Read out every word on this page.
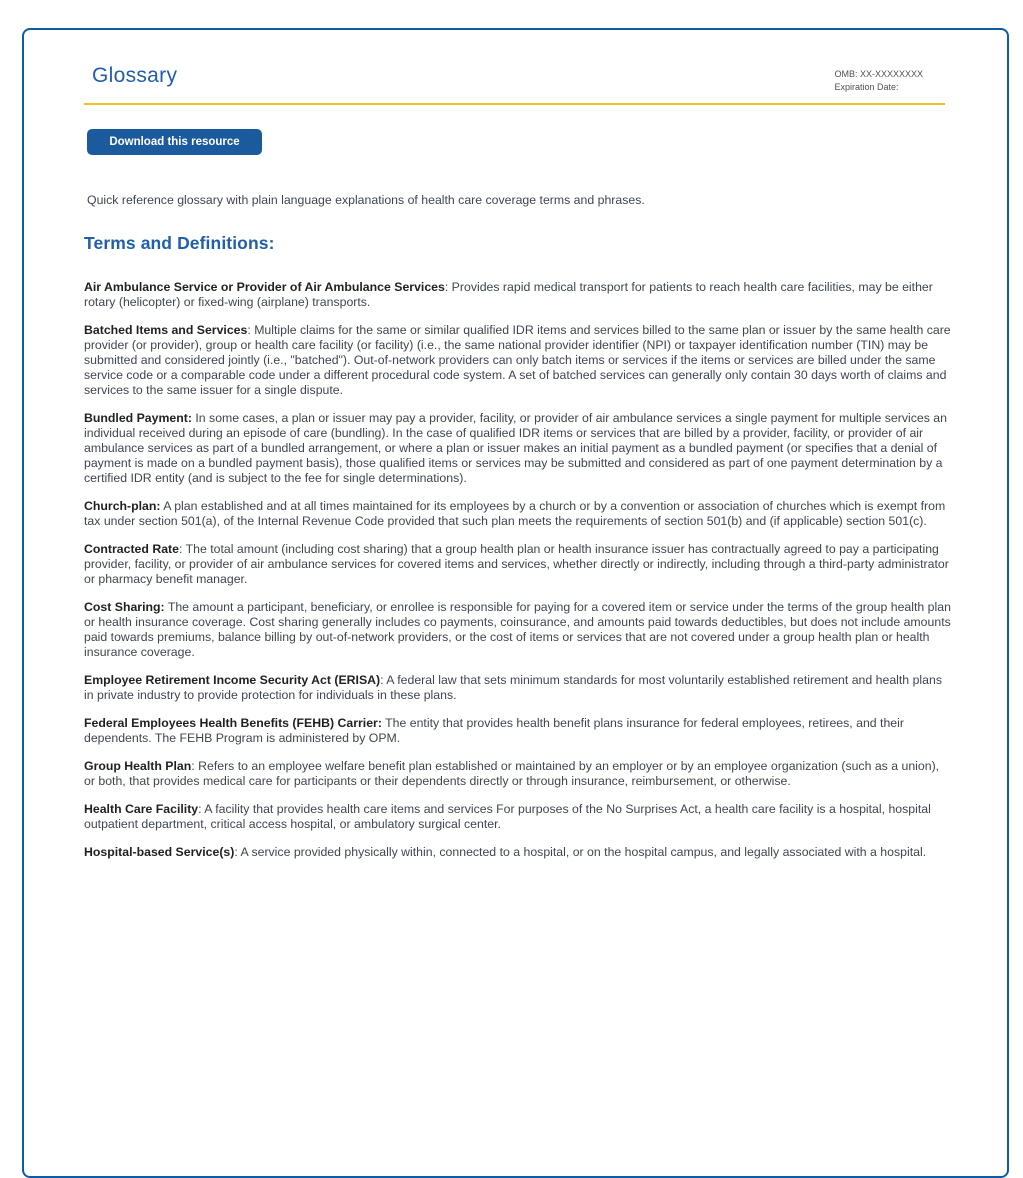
Glossary	OMB: XX-XXXXXXXX
Expiration Date:
Download this resource

Quick reference glossary with plain language explanations of health care coverage terms and phrases.

Terms and Definitions:

Air Ambulance Service or Provider of Air Ambulance Services: Provides rapid medical transport for patients to reach health care facilities, may be either rotary (helicopter) or fixed-wing (airplane) transports.

Batched Items and Services: Multiple claims for the same or similar qualified IDR items and services billed to the same plan or issuer by the same health care provider (or provider), group or health care facility (or facility) (i.e., the same national provider identifier (NPI) or taxpayer identification number (TIN) may be submitted and considered jointly (i.e., "batched"). Out-of-network providers can only batch items or services if the items or services are billed under the same service code or a comparable code under a different procedural code system. A set of batched services can generally only contain 30 days worth of claims and services to the same issuer for a single dispute.

Bundled Payment: In some cases, a plan or issuer may pay a provider, facility, or provider of air ambulance services a single payment for multiple services an individual received during an episode of care (bundling). In the case of qualified IDR items or services that are billed by a provider, facility, or provider of air ambulance services as part of a bundled arrangement, or where a plan or issuer makes an initial payment as a bundled payment (or specifies that a denial of payment is made on a bundled payment basis), those qualified items or services may be submitted and considered as part of one payment determination by a certified IDR entity (and is subject to the fee for single determinations).

Church-plan: A plan established and at all times maintained for its employees by a church or by a convention or association of churches which is exempt from tax under section 501(a), of the Internal Revenue Code provided that such plan meets the requirements of section 501(b) and (if applicable) section 501(c).

Contracted Rate: The total amount (including cost sharing) that a group health plan or health insurance issuer has contractually agreed to pay a participating provider, facility, or provider of air ambulance services for covered items and services, whether directly or indirectly, including through a third-party administrator or pharmacy benefit manager.

Cost Sharing: The amount a participant, beneficiary, or enrollee is responsible for paying for a covered item or service under the terms of the group health plan or health insurance coverage. Cost sharing generally includes co payments, coinsurance, and amounts paid towards deductibles, but does not include amounts paid towards premiums, balance billing by out-of-network providers, or the cost of items or services that are not covered under a group health plan or health insurance coverage.

Employee Retirement Income Security Act (ERISA): A federal law that sets minimum standards for most voluntarily established retirement and health plans in private industry to provide protection for individuals in these plans.

Federal Employees Health Benefits (FEHB) Carrier: The entity that provides health benefit plans insurance for federal employees, retirees, and their dependents. The FEHB Program is administered by OPM.

Group Health Plan: Refers to an employee welfare benefit plan established or maintained by an employer or by an employee organization (such as a union), or both, that provides medical care for participants or their dependents directly or through insurance, reimbursement, or otherwise.

Health Care Facility: A facility that provides health care items and services For purposes of the No Surprises Act, a health care facility is a hospital, hospital outpatient department, critical access hospital, or ambulatory surgical center.

Hospital-based Service(s): A service provided physically within, connected to a hospital, or on the hospital campus, and legally associated with a hospital.
